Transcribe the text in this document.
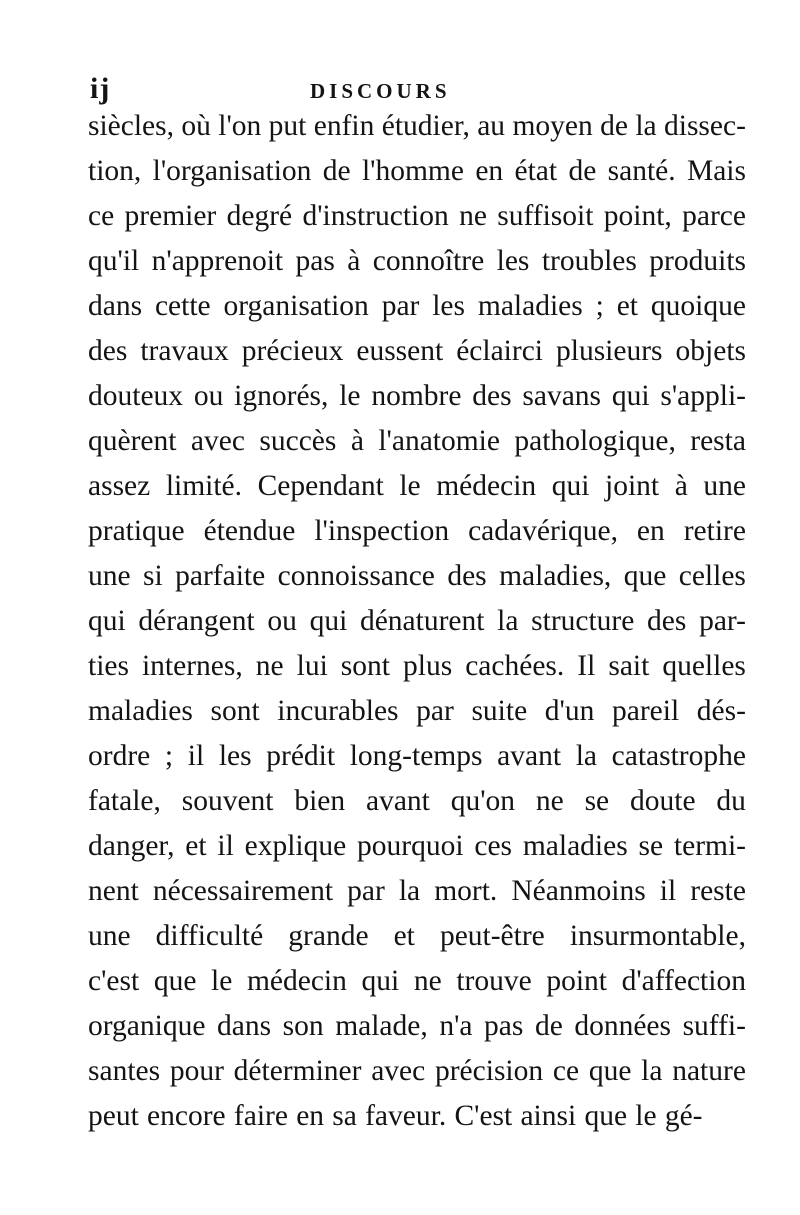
ij	DISCOURS
siècles, où l'on put enfin étudier, au moyen de la dissec-
tion, l'organisation de l'homme en état de santé. Mais
ce premier degré d'instruction ne suffisoit point, parce
qu'il n'apprenoit pas à connoître les troubles produits
dans cette organisation par les maladies ; et quoique
des travaux précieux eussent éclairci plusieurs objets
douteux ou ignorés, le nombre des savans qui s'appli-
quèrent avec succès à l'anatomie pathologique, resta
assez limité. Cependant le médecin qui joint à une
pratique étendue l'inspection cadavérique, en retire
une si parfaite connoissance des maladies, que celles
qui dérangent ou qui dénaturent la structure des par-
ties internes, ne lui sont plus cachées. Il sait quelles
maladies sont incurables par suite d'un pareil dés-
ordre ; il les prédit long-temps avant la catastrophe
fatale, souvent bien avant qu'on ne se doute du
danger, et il explique pourquoi ces maladies se termi-
nent nécessairement par la mort. Néanmoins il reste
une difficulté grande et peut-être insurmontable,
c'est que le médecin qui ne trouve point d'affection
organique dans son malade, n'a pas de données suffi-
santes pour déterminer avec précision ce que la nature
peut encore faire en sa faveur. C'est ainsi que le gé-
